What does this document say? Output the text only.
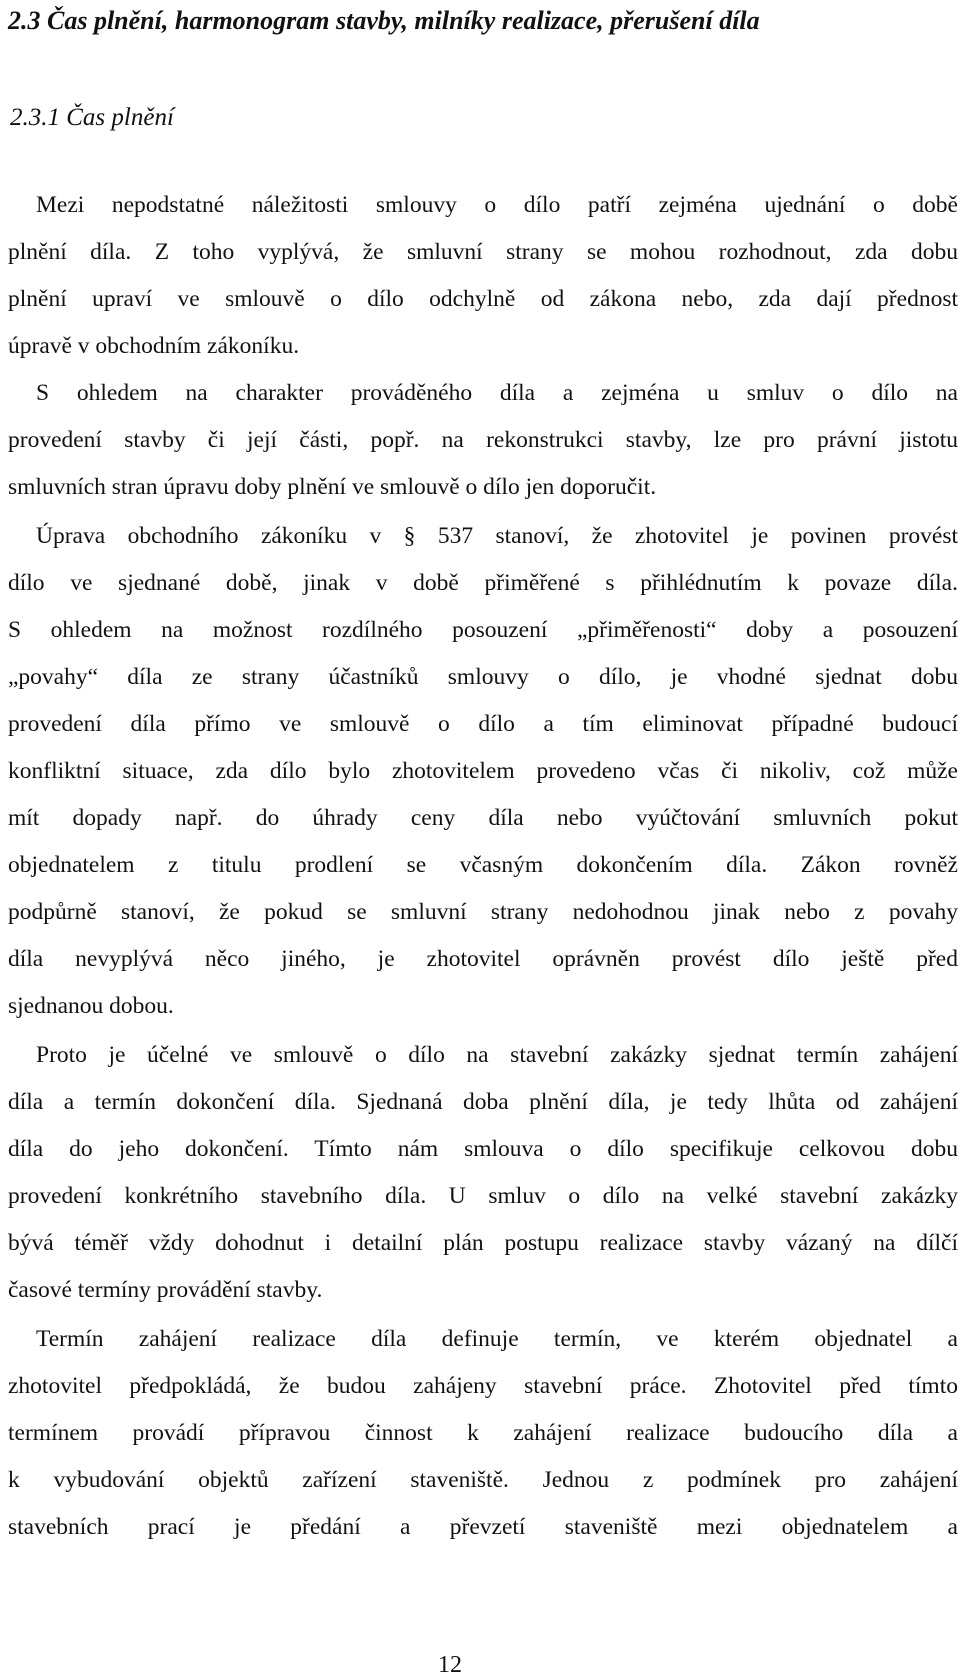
2.3 Čas plnění, harmonogram stavby, milníky realizace, přerušení díla
2.3.1 Čas plnění
Mezi nepodstatné náležitosti smlouvy o dílo patří zejména ujednání o době
plnění díla. Z toho vyplývá, že smluvní strany se mohou rozhodnout, zda dobu
plnění upraví ve smlouvě o dílo odchylně od zákona nebo, zda dají přednost
úpravě v obchodním zákoníku.
S ohledem na charakter prováděného díla a zejména u smluv o dílo na
provedení stavby či její části, popř. na rekonstrukci stavby, lze pro právní jistotu
smluvních stran úpravu doby plnění ve smlouvě o dílo jen doporučit.
Úprava obchodního zákoníku v § 537 stanoví, že zhotovitel je povinen provést
dílo ve sjednané době, jinak v době přiměřené s přihlédnutím k povaze díla.
S ohledem na možnost rozdílného posouzení „přiměřenosti“ doby a posouzení
„povahy“ díla ze strany účastníků smlouvy o dílo, je vhodné sjednat dobu
provedení díla přímo ve smlouvě o dílo a tím eliminovat případné budoucí
konfliktní situace, zda dílo bylo zhotovitelem provedeno včas či nikoliv, což může
mít dopady např. do úhrady ceny díla nebo vyúčtování smluvních pokut
objednatelem z titulu prodlení se včasným dokončením díla. Zákon rovněž
podpůrně stanoví, že pokud se smluvní strany nedohodnou jinak nebo z povahy
díla nevyplývá něco jiného, je zhotovitel oprávněn provést dílo ještě před
sjednanou dobou.
Proto je účelné ve smlouvě o dílo na stavební zakázky sjednat termín zahájení
díla a termín dokončení díla. Sjednaná doba plnění díla, je tedy lhůta od zahájení
díla do jeho dokončení. Tímto nám smlouva o dílo specifikuje celkovou dobu
provedení konkrétního stavebního díla. U smluv o dílo na velké stavební zakázky
bývá téměř vždy dohodnut i detailní plán postupu realizace stavby vázaný na dílčí
časové termíny provádění stavby.
Termín zahájení realizace díla definuje termín, ve kterém objednatel a
zhotovitel předpokládá, že budou zahájeny stavební práce. Zhotovitel před tímto
termínem provádí přípravou činnost k zahájení realizace budoucího díla a
k vybudování objektů zařízení staveniště. Jednou z podmínek pro zahájení
stavebních prací je předání a převzetí staveniště mezi objednatelem a
12
